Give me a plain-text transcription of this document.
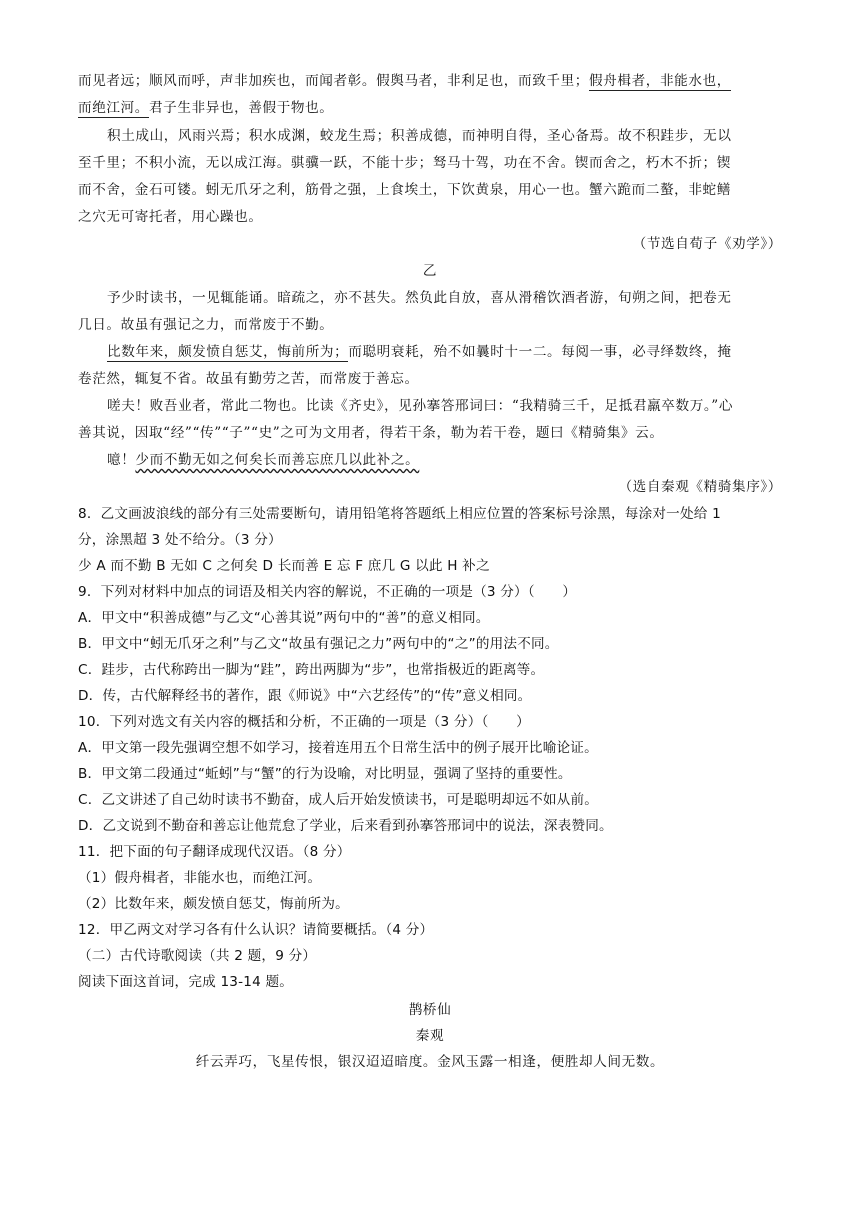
而见者远；顺风而呼，声非加疾也，而闻者彰。假舆马者，非利足也，而致千里；假舟楫者，非能水也，
而绝江河。君子生非异也，善假于物也。
积土成山，风雨兴焉；积水成渊，蛟龙生焉；积善成德，而神明自得，圣心备焉。故不积跬步，无以
至千里；不积小流，无以成江海。骐骥一跃，不能十步；驽马十驾，功在不舍。锲而舍之，朽木不折；锲
而不舍，金石可镂。蚓无爪牙之利，筋骨之强，上食埃土，下饮黄泉，用心一也。蟹六跪而二螯，非蛇鳝
之穴无可寄托者，用心躁也。
（节选自荀子《劝学》）
乙
予少时读书，一见辄能诵。暗疏之，亦不甚失。然负此自放，喜从滑稽饮酒者游，旬朔之间，把卷无
几日。故虽有强记之力，而常废于不勤。
比数年来，颇发愤自惩艾，悔前所为；而聪明衰耗，殆不如曩时十一二。每阅一事，必寻绎数终，掩
卷茫然，辄复不省。故虽有勤劳之苦，而常废于善忘。
嗟夫！败吾业者，常此二物也。比读《齐史》，见孙搴答邢词曰：“我精骑三千，足抵君羸卒数万。”心
善其说，因取“经”“传”“子”“史”之可为文用者，得若干条，勒为若干卷，题曰《精骑集》云。
噫！少而不勤无如之何矣长而善忘庶几以此补之。
（选自秦观《精骑集序》）
8．乙文画波浪线的部分有三处需要断句，请用铅笔将答题纸上相应位置的答案标号涂黑，每涂对一处给 1
分，涂黑超 3 处不给分。（3 分）
少 A 而不勤 B 无如 C 之何矣 D 长而善 E 忘 F 庶几 G 以此 H 补之
9．下列对材料中加点的词语及相关内容的解说，不正确的一项是（3 分）（　　）
A．甲文中“积善成德”与乙文“心善其说”两句中的“善”的意义相同。
B．甲文中“蚓无爪牙之利”与乙文“故虽有强记之力”两句中的“之”的用法不同。
C．跬步，古代称跨出一脚为“跬”，跨出两脚为“步”，也常指极近的距离等。
D．传，古代解释经书的著作，跟《师说》中“六艺经传”的“传”意义相同。
10．下列对选文有关内容的概括和分析，不正确的一项是（3 分）（　　）
A．甲文第一段先强调空想不如学习，接着连用五个日常生活中的例子展开比喻论证。
B．甲文第二段通过“蚯蚓”与“蟹”的行为设喻，对比明显，强调了坚持的重要性。
C．乙文讲述了自己幼时读书不勤奋，成人后开始发愤读书，可是聪明却远不如从前。
D．乙文说到不勤奋和善忘让他荒怠了学业，后来看到孙搴答邢词中的说法，深表赞同。
11．把下面的句子翻译成现代汉语。（8 分）
（1）假舟楫者，非能水也，而绝江河。
（2）比数年来，颇发愤自惩艾，悔前所为。
12．甲乙两文对学习各有什么认识？请简要概括。（4 分）
（二）古代诗歌阅读（共 2 题，9 分）
阅读下面这首词，完成 13-14 题。
鹊桥仙
秦观
纤云弄巧，飞星传恨，银汉迢迢暗度。金风玉露一相逢，便胜却人间无数。
